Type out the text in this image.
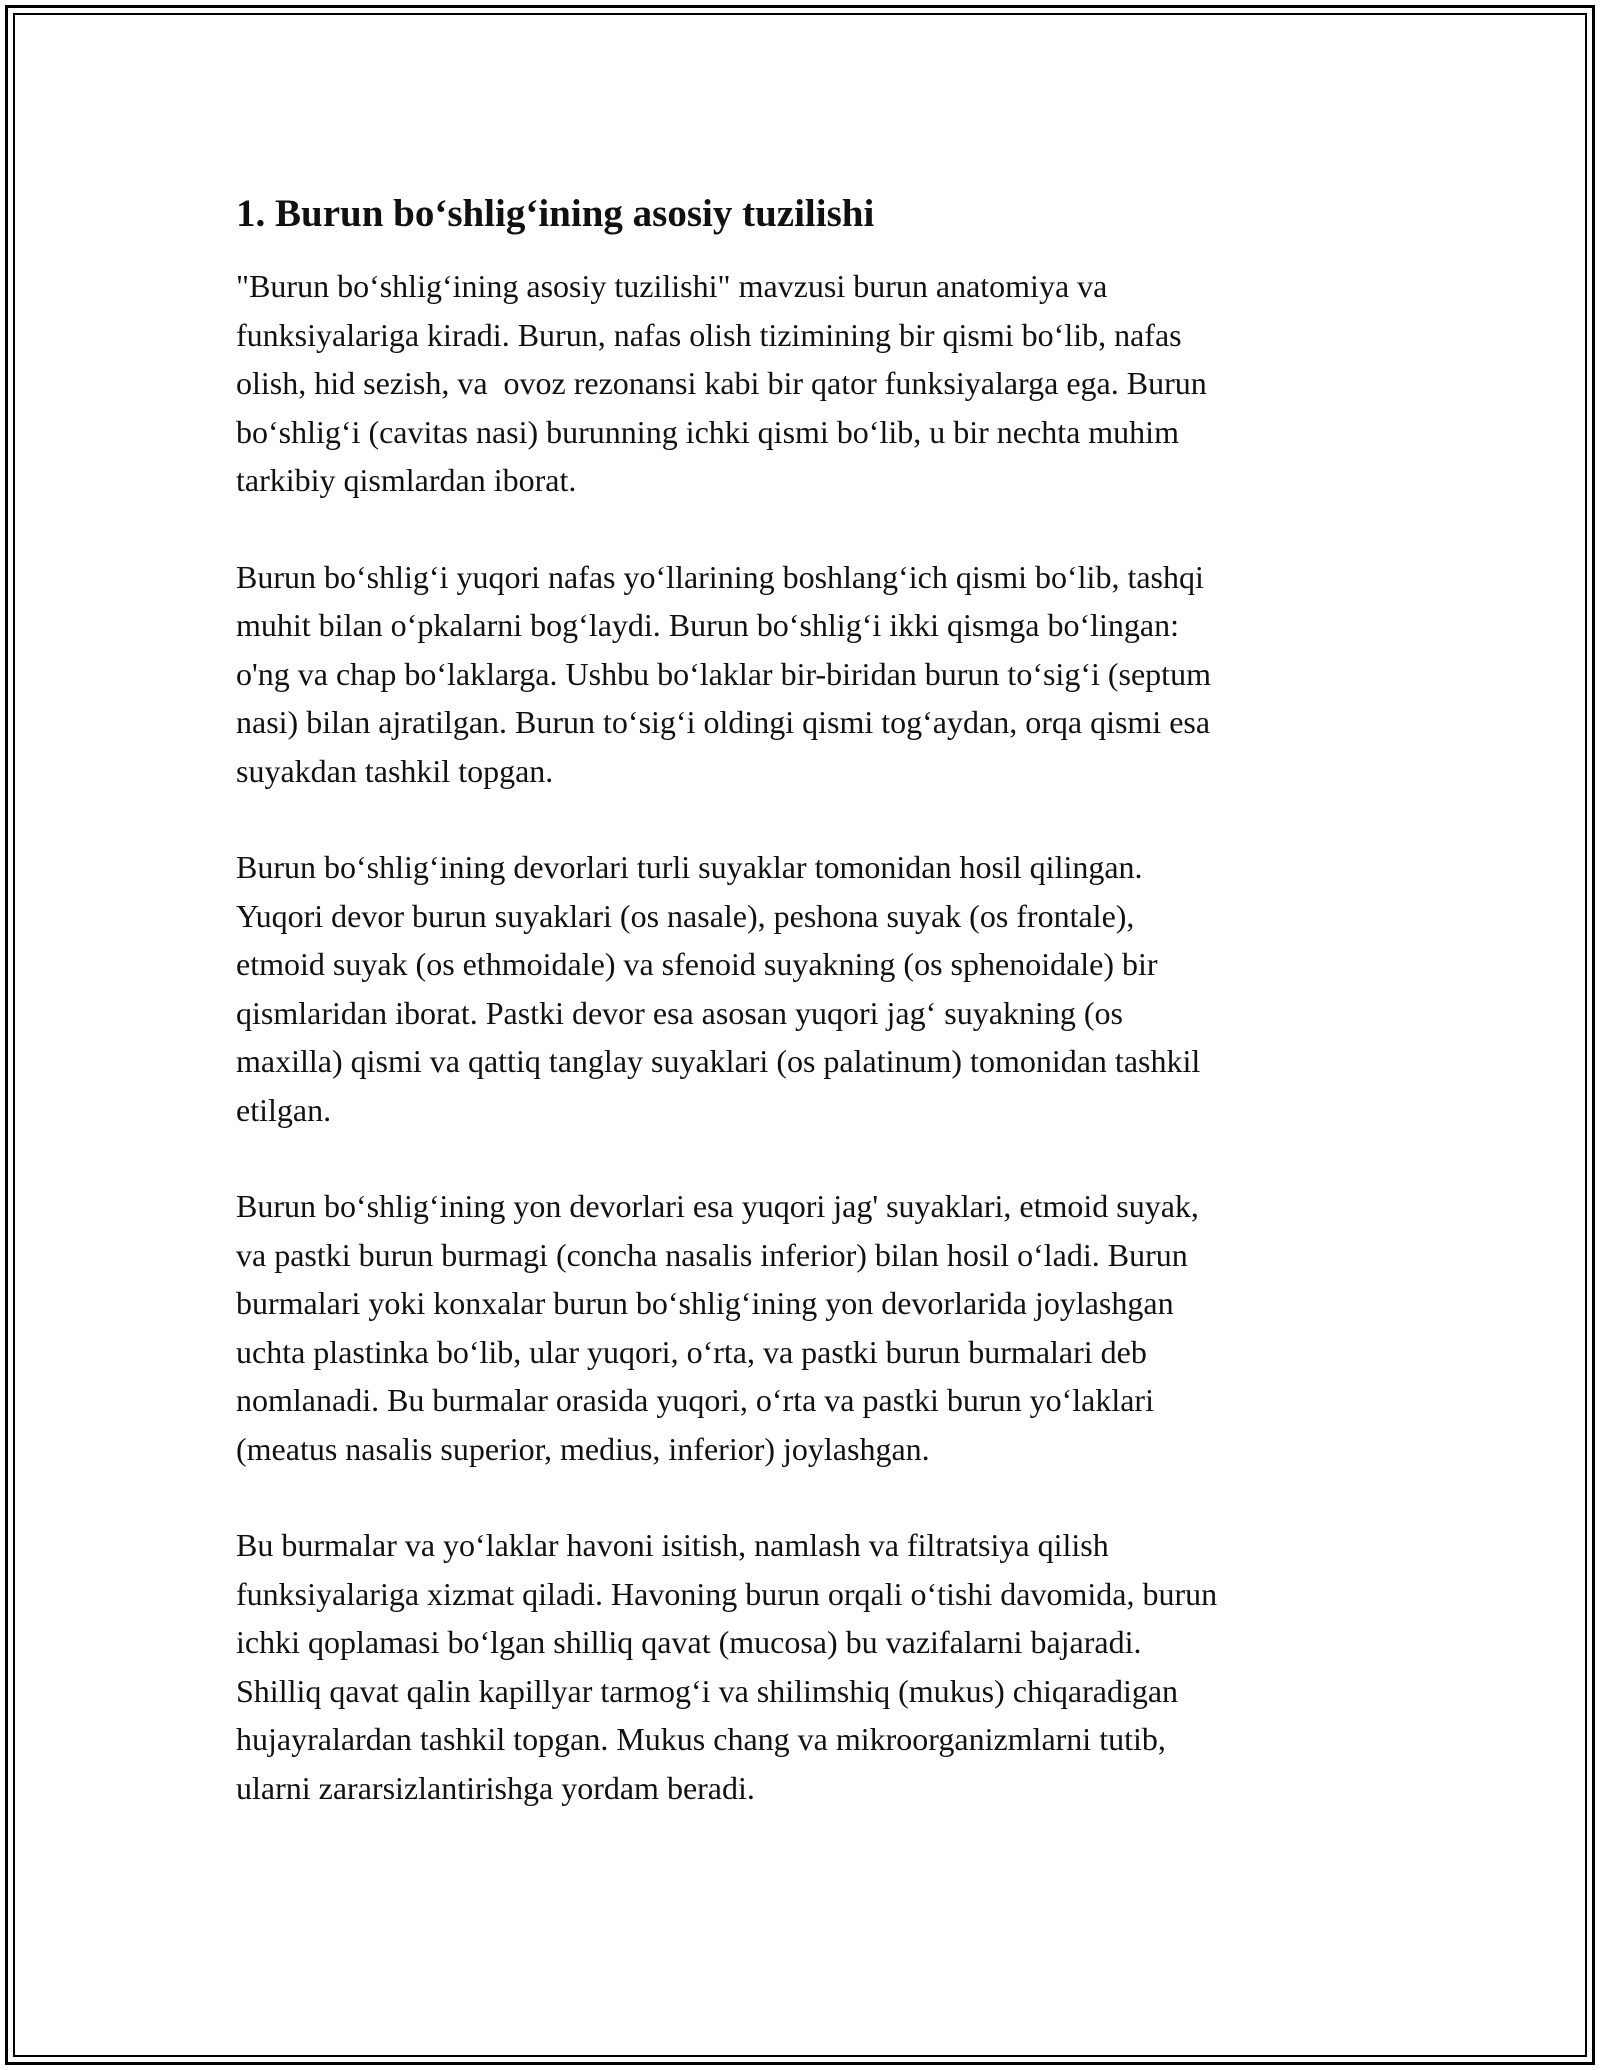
1. Burun bo‘shlig‘ining asosiy tuzilishi

"Burun bo‘shlig‘ining asosiy tuzilishi" mavzusi burun anatomiya va
funksiyalariga kiradi. Burun, nafas olish tizimining bir qismi bo‘lib, nafas
olish, hid sezish, va  ovoz rezonansi kabi bir qator funksiyalarga ega. Burun
bo‘shlig‘i (cavitas nasi) burunning ichki qismi bo‘lib, u bir nechta muhim
tarkibiy qismlardan iborat.

Burun bo‘shlig‘i yuqori nafas yo‘llarining boshlang‘ich qismi bo‘lib, tashqi
muhit bilan o‘pkalarni bog‘laydi. Burun bo‘shlig‘i ikki qismga bo‘lingan:
o'ng va chap bo‘laklarga. Ushbu bo‘laklar bir-biridan burun to‘sig‘i (septum
nasi) bilan ajratilgan. Burun to‘sig‘i oldingi qismi tog‘aydan, orqa qismi esa
suyakdan tashkil topgan.

Burun bo‘shlig‘ining devorlari turli suyaklar tomonidan hosil qilingan.
Yuqori devor burun suyaklari (os nasale), peshona suyak (os frontale),
etmoid suyak (os ethmoidale) va sfenoid suyakning (os sphenoidale) bir
qismlaridan iborat. Pastki devor esa asosan yuqori jag‘ suyakning (os
maxilla) qismi va qattiq tanglay suyaklari (os palatinum) tomonidan tashkil
etilgan.

Burun bo‘shlig‘ining yon devorlari esa yuqori jag' suyaklari, etmoid suyak,
va pastki burun burmagi (concha nasalis inferior) bilan hosil o‘ladi. Burun
burmalari yoki konxalar burun bo‘shlig‘ining yon devorlarida joylashgan
uchta plastinka bo‘lib, ular yuqori, o‘rta, va pastki burun burmalari deb
nomlanadi. Bu burmalar orasida yuqori, o‘rta va pastki burun yo‘laklari
(meatus nasalis superior, medius, inferior) joylashgan.

Bu burmalar va yo‘laklar havoni isitish, namlash va filtratsiya qilish
funksiyalariga xizmat qiladi. Havoning burun orqali o‘tishi davomida, burun
ichki qoplamasi bo‘lgan shilliq qavat (mucosa) bu vazifalarni bajaradi.
Shilliq qavat qalin kapillyar tarmog‘i va shilimshiq (mukus) chiqaradigan
hujayralardan tashkil topgan. Mukus chang va mikroorganizmlarni tutib,
ularni zararsizlantirishga yordam beradi.
